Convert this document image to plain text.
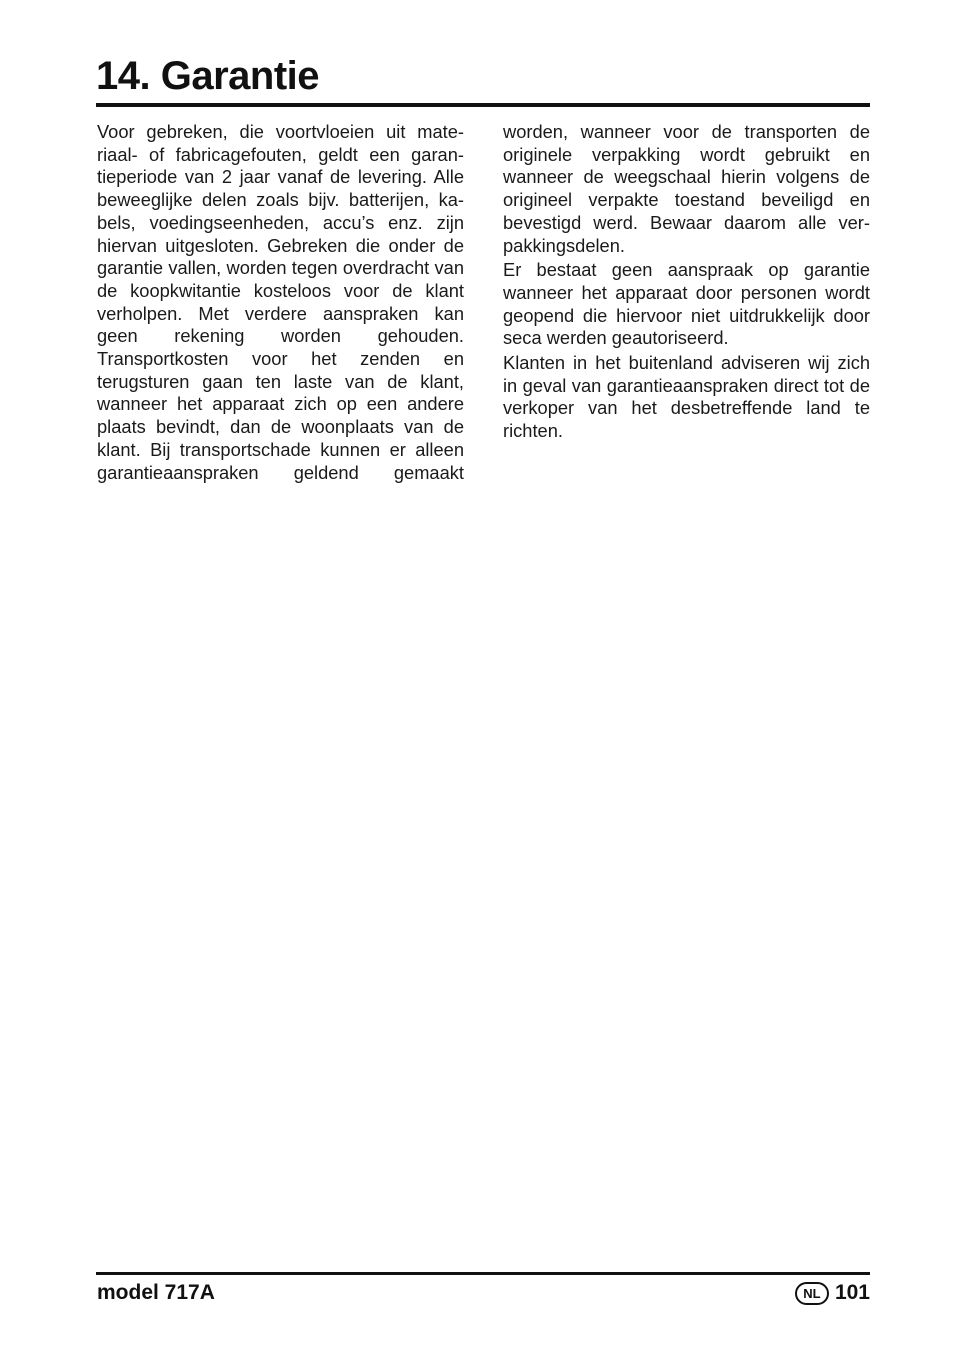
14. Garantie

Voor gebreken, die voortvloeien uit materiaal- of fabricagefouten, geldt een garantieperiode van 2 jaar vanaf de levering. Alle beweeglijke delen zoals bijv. batterijen, kabels, voedingseenheden, accu’s enz. zijn hiervan uitgesloten. Gebreken die onder de garantie vallen, worden tegen overdracht van de koopkwitantie kosteloos voor de klant verholpen. Met verdere aanspraken kan geen rekening worden gehouden. Transportkosten voor het zenden en terugsturen gaan ten laste van de klant, wanneer het apparaat zich op een andere plaats bevindt, dan de woonplaats van de klant. Bij transportschade kunnen er alleen garantieaanspraken geldend gemaakt

worden, wanneer voor de transporten de originele verpakking wordt gebruikt en wanneer de weegschaal hierin volgens de origineel verpakte toestand beveiligd en bevestigd werd. Bewaar daarom alle verpakkingsdelen.

Er bestaat geen aanspraak op garantie wanneer het apparaat door personen wordt geopend die hiervoor niet uitdrukkelijk door seca werden geautoriseerd.

Klanten in het buitenland adviseren wij zich in geval van garantieaanspraken direct tot de verkoper van het desbetreffende land te richten.

model 717A	NL 101
